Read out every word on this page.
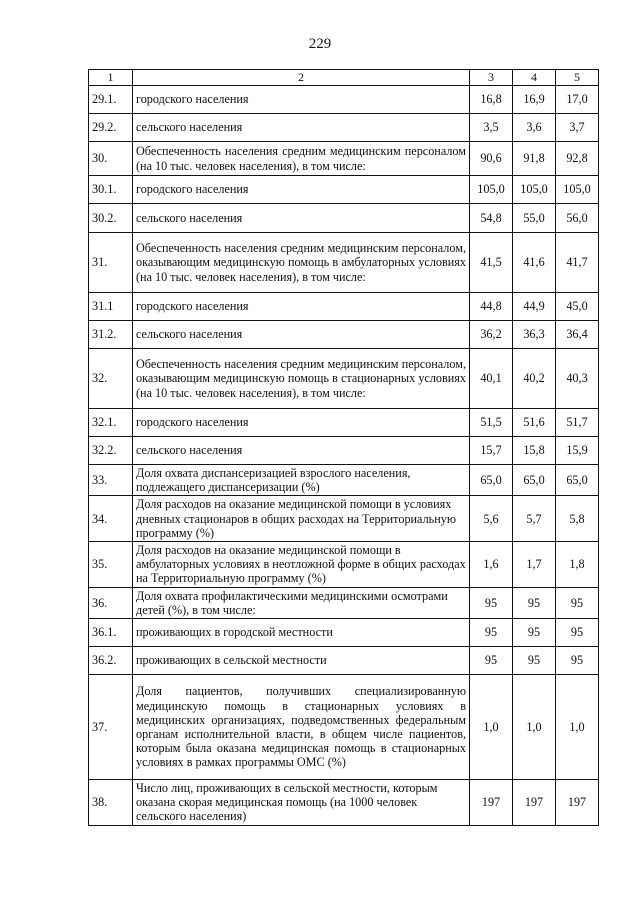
229
1	2	3	4	5
29.1.	городского населения	16,8	16,9	17,0
29.2.	сельского населения	3,5	3,6	3,7
30.	Обеспеченность населения средним медицинским персоналом (на 10 тыс. человек населения), в том числе:	90,6	91,8	92,8
30.1.	городского населения	105,0	105,0	105,0
30.2.	сельского населения	54,8	55,0	56,0
31.	Обеспеченность населения средним медицинским персоналом, оказывающим медицинскую помощь в амбулаторных условиях (на 10 тыс. человек населения), в том числе:	41,5	41,6	41,7
31.1	городского населения	44,8	44,9	45,0
31.2.	сельского населения	36,2	36,3	36,4
32.	Обеспеченность населения средним медицинским персоналом, оказывающим медицинскую помощь в стационарных условиях (на 10 тыс. человек населения), в том числе:	40,1	40,2	40,3
32.1.	городского населения	51,5	51,6	51,7
32.2.	сельского населения	15,7	15,8	15,9
33.	Доля охвата диспансеризацией взрослого населения, подлежащего диспансеризации (%)	65,0	65,0	65,0
34.	Доля расходов на оказание медицинской помощи в условиях дневных стационаров в общих расходах на Территориальную программу (%)	5,6	5,7	5,8
35.	Доля расходов на оказание медицинской помощи в амбулаторных условиях в неотложной форме в общих расходах на Территориальную программу (%)	1,6	1,7	1,8
36.	Доля охвата профилактическими медицинскими осмотрами детей (%), в том числе:	95	95	95
36.1.	проживающих в городской местности	95	95	95
36.2.	проживающих в сельской местности	95	95	95
37.	Доля пациентов, получивших специализированную медицинскую помощь в стационарных условиях в медицинских организациях, подведомственных федеральным органам исполнительной власти, в общем числе пациентов, которым была оказана медицинская помощь в стационарных условиях в рамках программы ОМС (%)	1,0	1,0	1,0
38.	Число лиц, проживающих в сельской местности, которым оказана скорая медицинская помощь (на 1000 человек сельского населения)	197	197	197
